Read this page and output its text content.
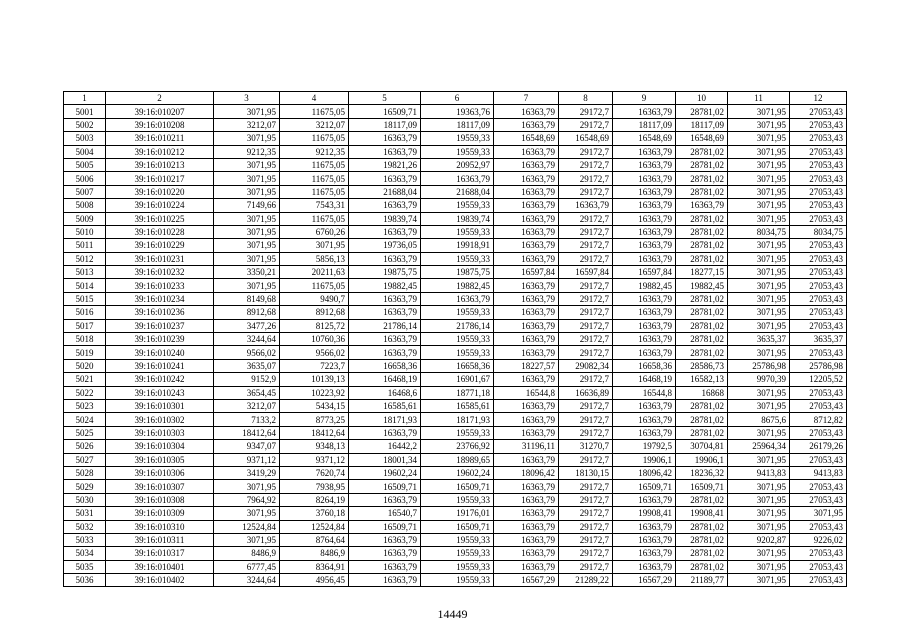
1	2	3	4	5	6	7	8	9	10	11	12
5001	39:16:010207	3071,95	11675,05	16509,71	19363,76	16363,79	29172,7	16363,79	28781,02	3071,95	27053,43
5002	39:16:010208	3212,07	3212,07	18117,09	18117,09	16363,79	29172,7	18117,09	18117,09	3071,95	27053,43
5003	39:16:010211	3071,95	11675,05	16363,79	19559,33	16548,69	16548,69	16548,69	16548,69	3071,95	27053,43
5004	39:16:010212	9212,35	9212,35	16363,79	19559,33	16363,79	29172,7	16363,79	28781,02	3071,95	27053,43
5005	39:16:010213	3071,95	11675,05	19821,26	20952,97	16363,79	29172,7	16363,79	28781,02	3071,95	27053,43
5006	39:16:010217	3071,95	11675,05	16363,79	16363,79	16363,79	29172,7	16363,79	28781,02	3071,95	27053,43
5007	39:16:010220	3071,95	11675,05	21688,04	21688,04	16363,79	29172,7	16363,79	28781,02	3071,95	27053,43
5008	39:16:010224	7149,66	7543,31	16363,79	19559,33	16363,79	16363,79	16363,79	16363,79	3071,95	27053,43
5009	39:16:010225	3071,95	11675,05	19839,74	19839,74	16363,79	29172,7	16363,79	28781,02	3071,95	27053,43
5010	39:16:010228	3071,95	6760,26	16363,79	19559,33	16363,79	29172,7	16363,79	28781,02	8034,75	8034,75
5011	39:16:010229	3071,95	3071,95	19736,05	19918,91	16363,79	29172,7	16363,79	28781,02	3071,95	27053,43
5012	39:16:010231	3071,95	5856,13	16363,79	19559,33	16363,79	29172,7	16363,79	28781,02	3071,95	27053,43
5013	39:16:010232	3350,21	20211,63	19875,75	19875,75	16597,84	16597,84	16597,84	18277,15	3071,95	27053,43
5014	39:16:010233	3071,95	11675,05	19882,45	19882,45	16363,79	29172,7	19882,45	19882,45	3071,95	27053,43
5015	39:16:010234	8149,68	9490,7	16363,79	16363,79	16363,79	29172,7	16363,79	28781,02	3071,95	27053,43
5016	39:16:010236	8912,68	8912,68	16363,79	19559,33	16363,79	29172,7	16363,79	28781,02	3071,95	27053,43
5017	39:16:010237	3477,26	8125,72	21786,14	21786,14	16363,79	29172,7	16363,79	28781,02	3071,95	27053,43
5018	39:16:010239	3244,64	10760,36	16363,79	19559,33	16363,79	29172,7	16363,79	28781,02	3635,37	3635,37
5019	39:16:010240	9566,02	9566,02	16363,79	19559,33	16363,79	29172,7	16363,79	28781,02	3071,95	27053,43
5020	39:16:010241	3635,07	7223,7	16658,36	16658,36	18227,57	29082,34	16658,36	28586,73	25786,98	25786,98
5021	39:16:010242	9152,9	10139,13	16468,19	16901,67	16363,79	29172,7	16468,19	16582,13	9970,39	12205,52
5022	39:16:010243	3654,45	10223,92	16468,6	18771,18	16544,8	16636,89	16544,8	16868	3071,95	27053,43
5023	39:16:010301	3212,07	5434,15	16585,61	16585,61	16363,79	29172,7	16363,79	28781,02	3071,95	27053,43
5024	39:16:010302	7133,2	8773,25	18171,93	18171,93	16363,79	29172,7	16363,79	28781,02	8675,6	8712,82
5025	39:16:010303	18412,64	18412,64	16363,79	19559,33	16363,79	29172,7	16363,79	28781,02	3071,95	27053,43
5026	39:16:010304	9347,07	9348,13	16442,2	23766,92	31196,11	31270,7	19792,5	30704,81	25964,34	26179,26
5027	39:16:010305	9371,12	9371,12	18001,34	18989,65	16363,79	29172,7	19906,1	19906,1	3071,95	27053,43
5028	39:16:010306	3419,29	7620,74	19602,24	19602,24	18096,42	18130,15	18096,42	18236,32	9413,83	9413,83
5029	39:16:010307	3071,95	7938,95	16509,71	16509,71	16363,79	29172,7	16509,71	16509,71	3071,95	27053,43
5030	39:16:010308	7964,92	8264,19	16363,79	19559,33	16363,79	29172,7	16363,79	28781,02	3071,95	27053,43
5031	39:16:010309	3071,95	3760,18	16540,7	19176,01	16363,79	29172,7	19908,41	19908,41	3071,95	3071,95
5032	39:16:010310	12524,84	12524,84	16509,71	16509,71	16363,79	29172,7	16363,79	28781,02	3071,95	27053,43
5033	39:16:010311	3071,95	8764,64	16363,79	19559,33	16363,79	29172,7	16363,79	28781,02	9202,87	9226,02
5034	39:16:010317	8486,9	8486,9	16363,79	19559,33	16363,79	29172,7	16363,79	28781,02	3071,95	27053,43
5035	39:16:010401	6777,45	8364,91	16363,79	19559,33	16363,79	29172,7	16363,79	28781,02	3071,95	27053,43
5036	39:16:010402	3244,64	4956,45	16363,79	19559,33	16567,29	21289,22	16567,29	21189,77	3071,95	27053,43
14449
